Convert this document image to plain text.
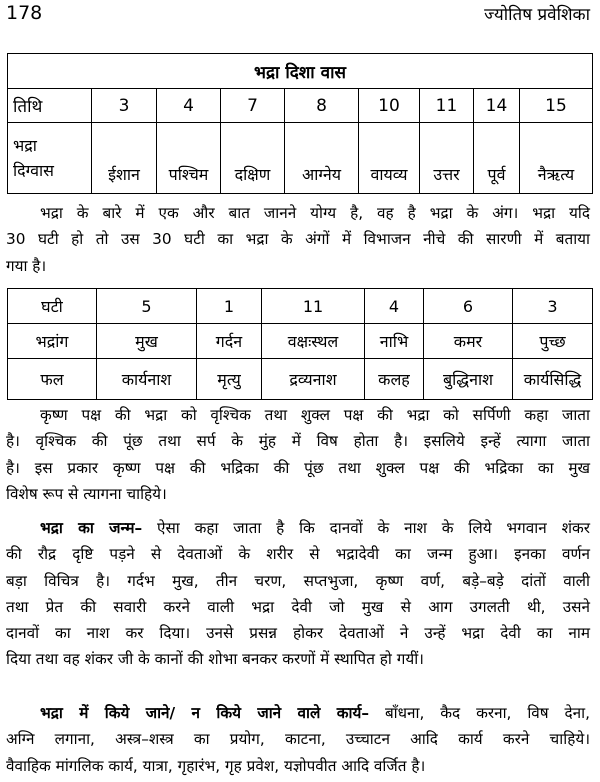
178	ज्योतिष प्रवेशिका
भद्रा दिशा वास								
तिथि	3	4	7	8	10	11	14	15
भद्रा
दिग्वास	ईशान	पश्चिम	दक्षिण	आग्नेय	वायव्य	उत्तर	पूर्व	नैऋत्य
भद्रा के बारे में एक और बात जानने योग्य है, वह है भद्रा के अंग। भद्रा यदि
30 घटी हो तो उस 30 घटी का भद्रा के अंगों में विभाजन नीचे की सारणी में बताया
गया है।
घटी	5	1	11	4	6	3
भद्रांग	मुख	गर्दन	वक्षःस्थल	नाभि	कमर	पुच्छ
फल	कार्यनाश	मृत्यु	द्रव्यनाश	कलह	बुद्धिनाश	कार्यसिद्धि
कृष्ण पक्ष की भद्रा को वृश्चिक तथा शुक्ल पक्ष की भद्रा को सर्पिणी कहा जाता
है। वृश्चिक की पूंछ तथा सर्प के मुंह में विष होता है। इसलिये इन्हें त्यागा जाता
है। इस प्रकार कृष्ण पक्ष की भद्रिका की पूंछ तथा शुक्ल पक्ष की भद्रिका का मुख
विशेष रूप से त्यागना चाहिये।
भद्रा का जन्म– ऐसा कहा जाता है कि दानवों के नाश के लिये भगवान शंकर
की रौद्र दृष्टि पड़ने से देवताओं के शरीर से भद्रादेवी का जन्म हुआ। इनका वर्णन
बड़ा विचित्र है। गर्दभ मुख, तीन चरण, सप्तभुजा, कृष्ण वर्ण, बड़े–बड़े दांतों वाली
तथा प्रेत की सवारी करने वाली भद्रा देवी जो मुख से आग उगलती थी, उसने
दानवों का नाश कर दिया। उनसे प्रसन्न होकर देवताओं ने उन्हें भद्रा देवी का नाम
दिया तथा वह शंकर जी के कानों की शोभा बनकर करणों में स्थापित हो गयीं।
भद्रा में किये जाने/ न किये जाने वाले कार्य– बाँधना, कैद करना, विष देना,
अग्नि लगाना, अस्त्र–शस्त्र का प्रयोग, काटना, उच्चाटन आदि कार्य करने चाहिये।
वैवाहिक मांगलिक कार्य, यात्रा, गृहारंभ, गृह प्रवेश, यज्ञोपवीत आदि वर्जित है।
